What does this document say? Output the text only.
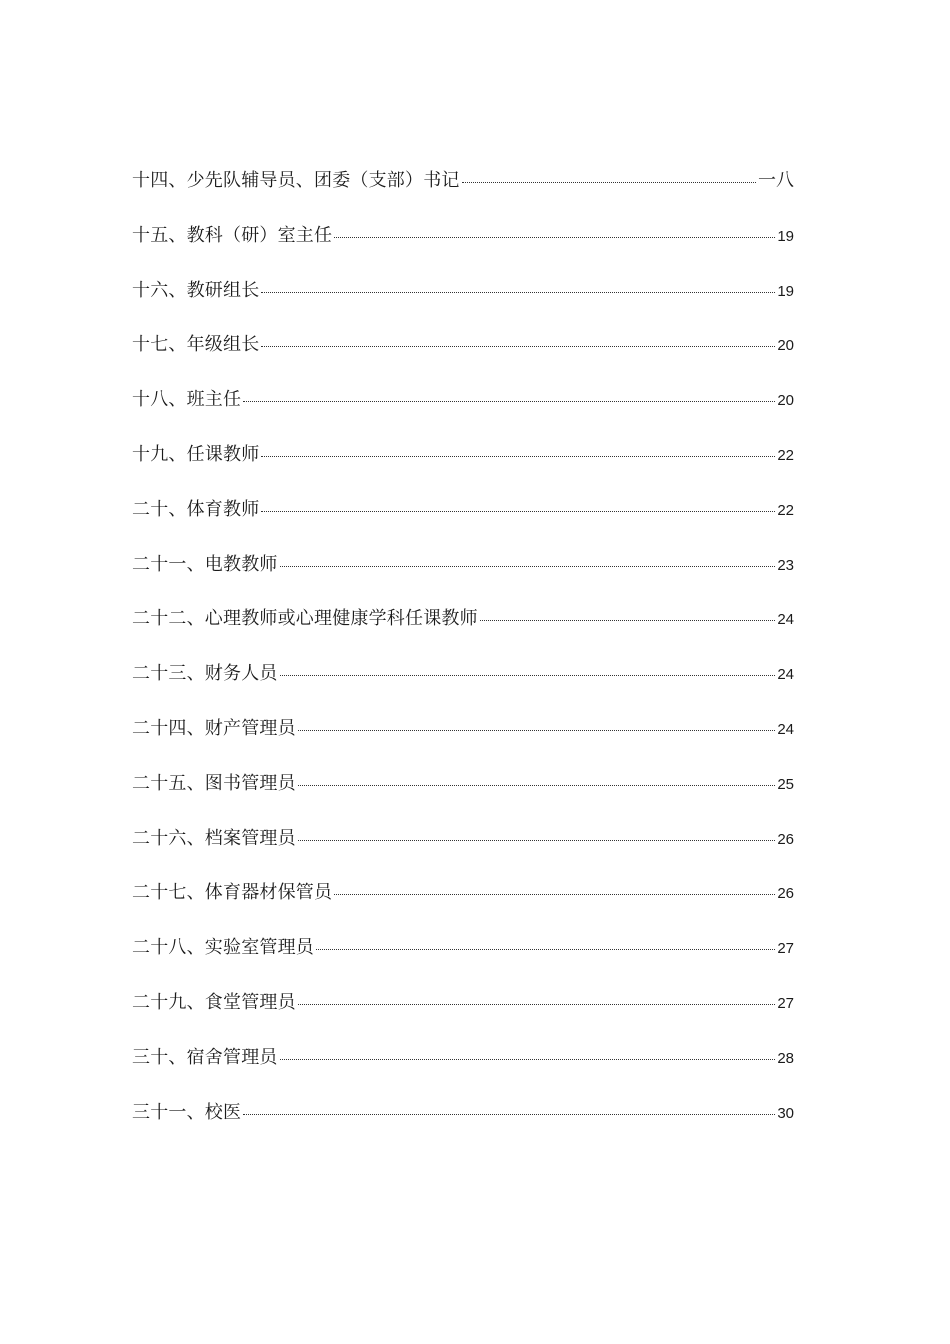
十四、少先队辅导员、团委（支部）书记	一八
十五、教科（研）室主任	19
十六、教研组长	19
十七、年级组长	20
十八、班主任	20
十九、任课教师	22
二十、体育教师	22
二十一、电教教师	23
二十二、心理教师或心理健康学科任课教师	24
二十三、财务人员	24
二十四、财产管理员	24
二十五、图书管理员	25
二十六、档案管理员	26
二十七、体育器材保管员	26
二十八、实验室管理员	27
二十九、食堂管理员	27
三十、宿舍管理员	28
三十一、校医	30
